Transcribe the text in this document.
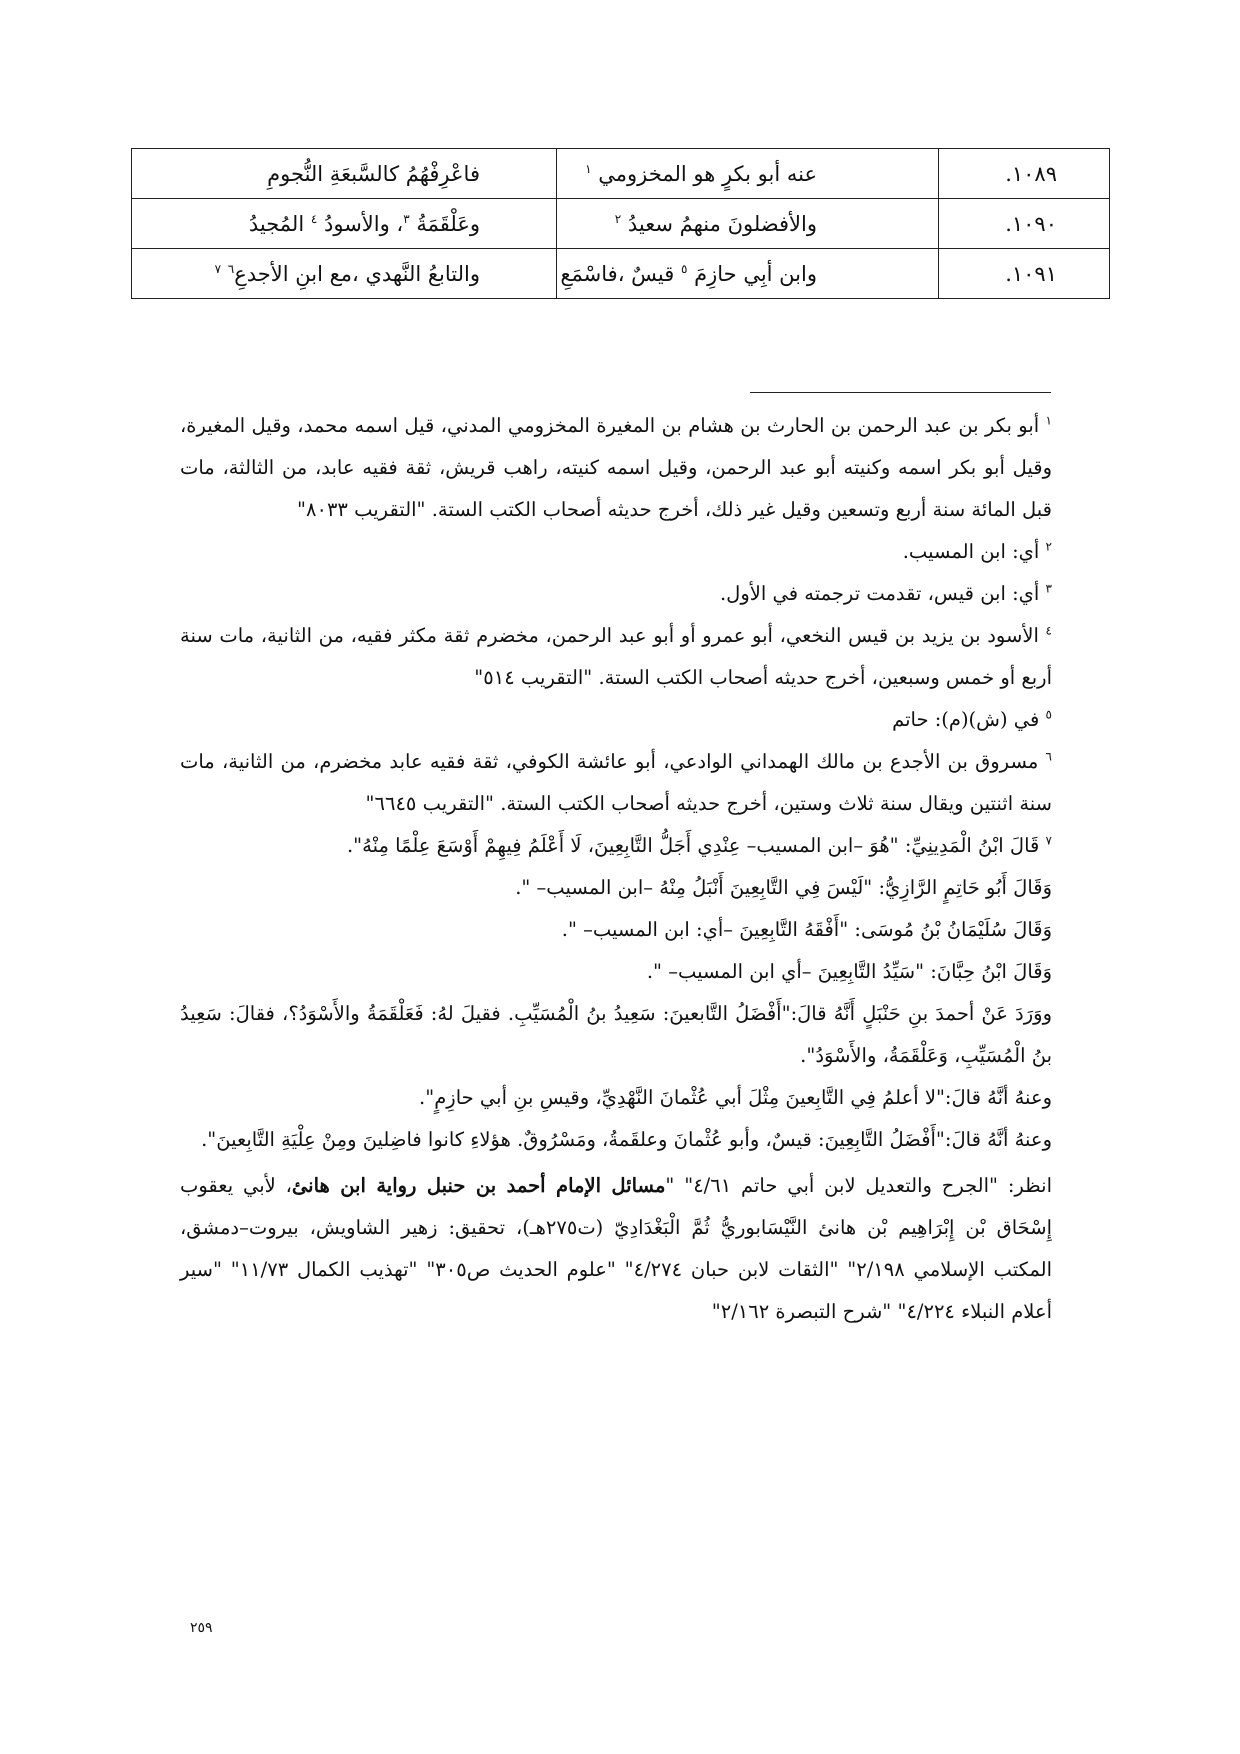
١٠٨٩.	عنه أبو بكرٍ هو المخزومي $^١$	فاعْرِفْهُمُ كالسَّبعَةِ النُّجومِ
١٠٩٠.	والأفضلونَ منهمُ سعيدُ $^٢$	وعَلْقَمَةُ $^٣$، والأسودُ $^٤$ المُجيدُ
١٠٩١.	وابن أبِي حازِمَ $^٥$ قيسٌ ،فاسْمَعِ	والتابعُ النَّهدي ،مع ابنِ الأجدعِ$^٦$ $^٧$

$^١$ أبو بكر بن عبد الرحمن بن الحارث بن هشام بن المغيرة المخزومي المدني، قيل اسمه محمد، وقيل المغيرة، وقيل أبو بكر اسمه وكنيته أبو عبد الرحمن، وقيل اسمه كنيته، راهب قريش، ثقة فقيه عابد، من الثالثة، مات قبل المائة سنة أربع وتسعين وقيل غير ذلك، أخرج حديثه أصحاب الكتب الستة. "التقريب ٨٠٣٣"

$^٢$ أي: ابن المسيب.

$^٣$ أي: ابن قيس، تقدمت ترجمته في الأول.

$^٤$ الأسود بن يزيد بن قيس النخعي، أبو عمرو أو أبو عبد الرحمن، مخضرم ثقة مكثر فقيه، من الثانية، مات سنة أربع أو خمس وسبعين، أخرج حديثه أصحاب الكتب الستة. "التقريب ٥١٤"

$^٥$ في (ش)(م): حاتم

$^٦$ مسروق بن الأجدع بن مالك الهمداني الوادعي، أبو عائشة الكوفي، ثقة فقيه عابد مخضرم، من الثانية، مات سنة اثنتين ويقال سنة ثلاث وستين، أخرج حديثه أصحاب الكتب الستة. "التقريب ٦٦٤٥"

$^٧$ قَالَ ابْنُ الْمَدِينِيِّ: "هُوَ –ابن المسيب– عِنْدِي أَجَلُّ التَّابِعِينَ، لَا أَعْلَمُ فِيهِمْ أَوْسَعَ عِلْمًا مِنْهُ".

وَقَالَ أَبُو حَاتِمٍ الرَّازِيُّ: "لَيْسَ فِي التَّابِعِينَ أَنْبَلُ مِنْهُ –ابن المسيب– ".

وَقَالَ سُلَيْمَانُ بْنُ مُوسَى: "أَفْقَهُ التَّابِعِينَ –أي: ابن المسيب– ".

وَقَالَ ابْنُ حِبَّانَ: "سَيِّدُ التَّابِعِينَ –أي ابن المسيب– ".

ووَرَدَ عَنْ أحمدَ بنِ حَنْبَلٍ أَنَّهُ قالَ:"أَفْضَلُ التَّابعينَ: سَعِيدُ بنُ الْمُسَيِّبِ. فقيلَ لهُ: فَعَلْقَمَةُ والأَسْوَدُ؟، فقالَ: سَعِيدُ بنُ الْمُسَيِّبِ، وَعَلْقَمَةُ، والأَسْوَدُ".

وعنهُ أنَّهُ قالَ:"لا أعلمُ فِي التَّابِعينَ مِثْلَ أبي عُثْمانَ النَّهْدِيِّ، وقيسِ بنِ أبي حازِمٍ".

وعنهُ أنَّهُ قالَ:"أَفْضَلُ التَّابِعِينَ: قيسٌ، وأبو عُثْمانَ وعلقَمةُ، ومَسْرُوقٌ. هؤلاءِ كانوا فاضِلينَ ومِنْ عِلْيَةِ التَّابِعينَ".

انظر: "الجرح والتعديل لابن أبي حاتم ٤/٦١" "مسائل الإمام أحمد بن حنبل رواية ابن هانئ، لأبي يعقوب إِسْحَاق بْن إِبْرَاهِيم بْن هانئ النَّيْسَابوريُّ ثُمَّ الْبَغْدَادِيّ (ت٢٧٥هـ)، تحقيق: زهير الشاويش، بيروت–دمشق، المكتب الإسلامي ٢/١٩٨" "الثقات لابن حبان ٤/٢٧٤" "علوم الحديث ص٣٠٥" "تهذيب الكمال ١١/٧٣" "سير أعلام النبلاء ٤/٢٢٤" "شرح التبصرة ٢/١٦٢"

٢٥٩
